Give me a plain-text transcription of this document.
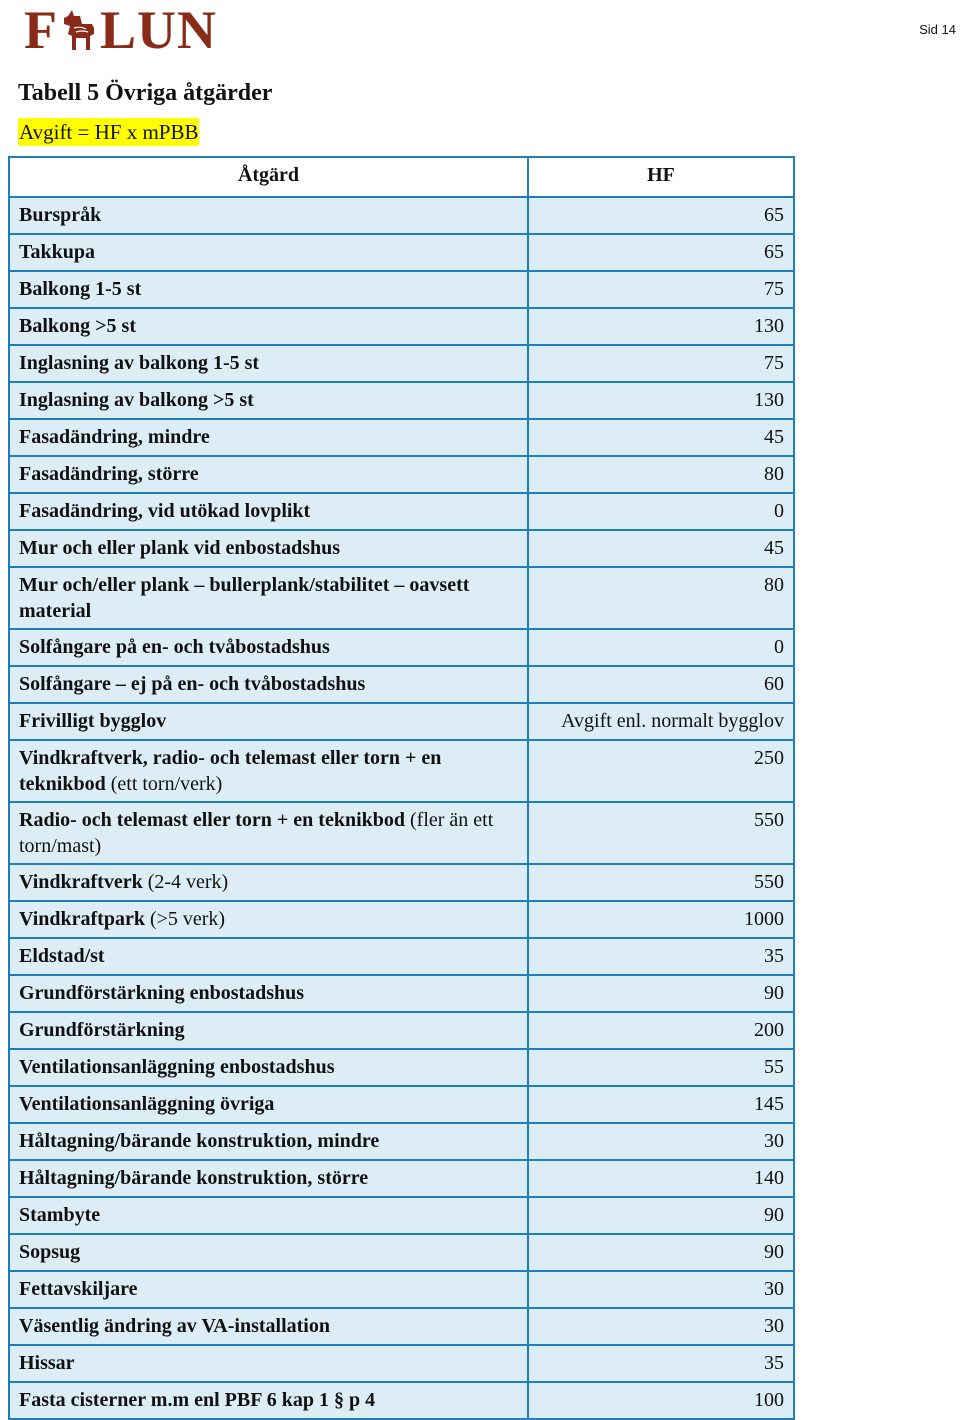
F LUN	Sid 14
Tabell 5 Övriga åtgärder
Avgift = HF x mPBB
Åtgärd	HF
Burspråk	65
Takkupa	65
Balkong 1-5 st	75
Balkong >5 st	130
Inglasning av balkong 1-5 st	75
Inglasning av balkong >5 st	130
Fasadändring, mindre	45
Fasadändring, större	80
Fasadändring, vid utökad lovplikt	0
Mur och eller plank vid enbostadshus	45
Mur och/eller plank – bullerplank/stabilitet – oavsett material	80
Solfångare på en- och tvåbostadshus	0
Solfångare – ej på en- och tvåbostadshus	60
Frivilligt bygglov	Avgift enl. normalt bygglov
Vindkraftverk, radio- och telemast eller torn + en teknikbod (ett torn/verk)	250
Radio- och telemast eller torn + en teknikbod (fler än ett torn/mast)	550
Vindkraftverk (2-4 verk)	550
Vindkraftpark (>5 verk)	1000
Eldstad/st	35
Grundförstärkning enbostadshus	90
Grundförstärkning	200
Ventilationsanläggning enbostadshus	55
Ventilationsanläggning övriga	145
Håltagning/bärande konstruktion, mindre	30
Håltagning/bärande konstruktion, större	140
Stambyte	90
Sopsug	90
Fettavskiljare	30
Väsentlig ändring av VA-installation	30
Hissar	35
Fasta cisterner m.m enl PBF 6 kap 1 § p 4	100
